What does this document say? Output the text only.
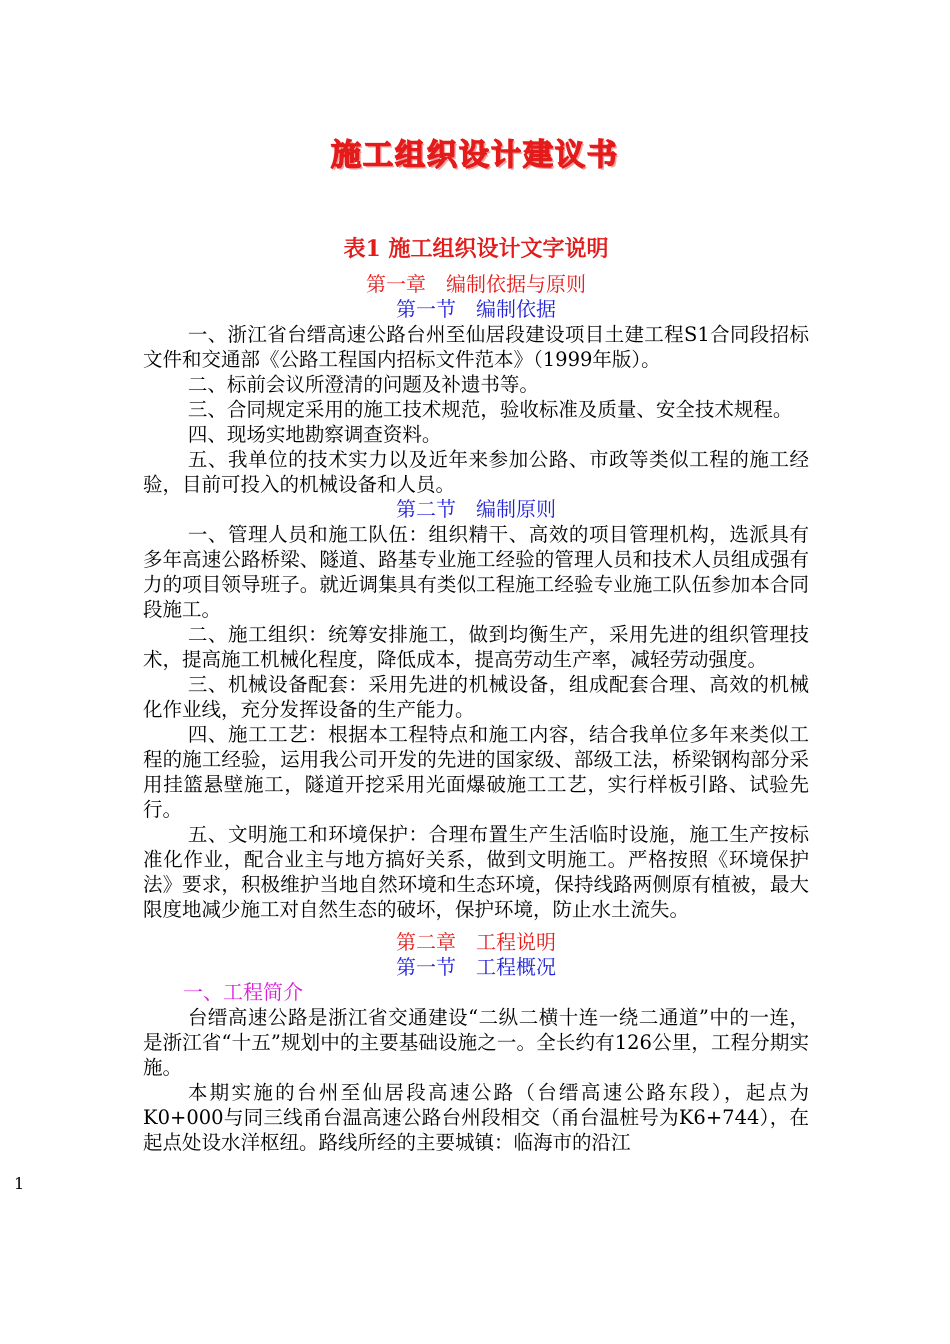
施工组织设计建议书
表1 施工组织设计文字说明

第一章　编制依据与原则

第一节　编制依据

一、浙江省台缙高速公路台州至仙居段建设项目土建工程S1合同段招标文件和交通部《公路工程国内招标文件范本》（1999年版）。

二、标前会议所澄清的问题及补遗书等。

三、合同规定采用的施工技术规范，验收标准及质量、安全技术规程。

四、现场实地勘察调查资料。

五、我单位的技术实力以及近年来参加公路、市政等类似工程的施工经验，目前可投入的机械设备和人员。

第二节　编制原则

一、管理人员和施工队伍：组织精干、高效的项目管理机构，选派具有多年高速公路桥梁、隧道、路基专业施工经验的管理人员和技术人员组成强有力的项目领导班子。就近调集具有类似工程施工经验专业施工队伍参加本合同段施工。

二、施工组织：统筹安排施工，做到均衡生产，采用先进的组织管理技术，提高施工机械化程度，降低成本，提高劳动生产率，减轻劳动强度。

三、机械设备配套：采用先进的机械设备，组成配套合理、高效的机械化作业线，充分发挥设备的生产能力。

四、施工工艺：根据本工程特点和施工内容，结合我单位多年来类似工程的施工经验，运用我公司开发的先进的国家级、部级工法，桥梁钢构部分采用挂篮悬壁施工，隧道开挖采用光面爆破施工工艺，实行样板引路、试验先行。

五、文明施工和环境保护：合理布置生产生活临时设施，施工生产按标准化作业，配合业主与地方搞好关系，做到文明施工。严格按照《环境保护法》要求，积极维护当地自然环境和生态环境，保持线路两侧原有植被，最大限度地减少施工对自然生态的破坏，保护环境，防止水土流失。

第二章　工程说明

第一节　工程概况

一、工程简介

台缙高速公路是浙江省交通建设“二纵二横十连一绕二通道”中的一连，是浙江省“十五”规划中的主要基础设施之一。全长约有126公里，工程分期实施。

本期实施的台州至仙居段高速公路（台缙高速公路东段），起点为K0+000与同三线甬台温高速公路台州段相交（甬台温桩号为K6+744），在起点处设水洋枢纽。路线所经的主要城镇：临海市的沿江

1
